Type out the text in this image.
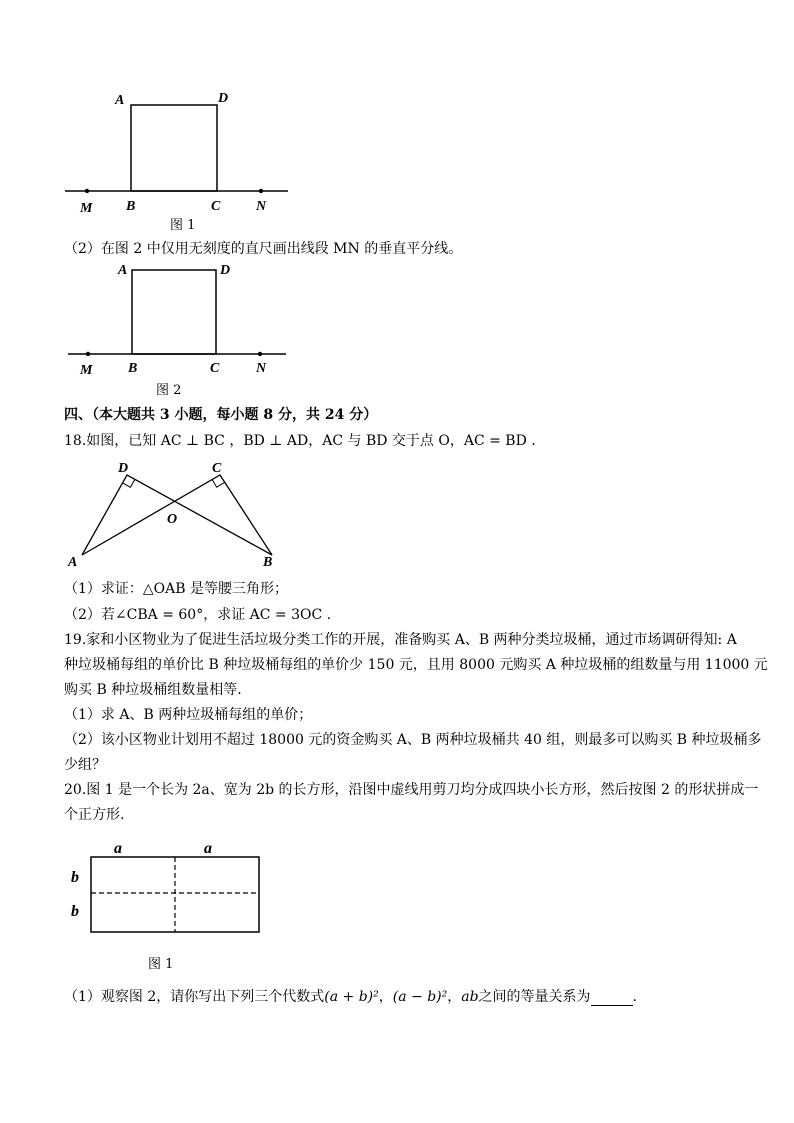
A	D
M B	C	N
图 1
（2）在图 2 中仅用无刻度的直尺画出线段 MN 的垂直平分线。
A	D
M	B	C	N
图 2
四、（本大题共 3 小题，每小题 8 分，共 24 分）
18.如图，已知 AC ⊥ BC ，BD ⊥ AD，AC 与 BD 交于点 O，AC = BD .
D	C
O
A	B
（1）求证：△OAB 是等腰三角形；
（2）若∠CBA = 60°，求证 AC = 3OC .
19.家和小区物业为了促进生活垃圾分类工作的开展，准备购买 A、B 两种分类垃圾桶，通过市场调研得知: A
种垃圾桶每组的单价比 B 种垃圾桶每组的单价少 150 元，且用 8000 元购买 A 种垃圾桶的组数量与用 11000 元
购买 B 种垃圾桶组数量相等.
（1）求 A、B 两种垃圾桶每组的单价；
（2）该小区物业计划用不超过 18000 元的资金购买 A、B 两种垃圾桶共 40 组，则最多可以购买 B 种垃圾桶多
少组？
20.图 1 是一个长为 2a、宽为 2b 的长方形，沿图中虚线用剪刀均分成四块小长方形，然后按图 2 的形状拼成一
个正方形.
a	a
b
b
图 1
（1）观察图 2，请你写出下列三个代数式(a + b)²，(a − b)²，ab之间的等量关系为	.
